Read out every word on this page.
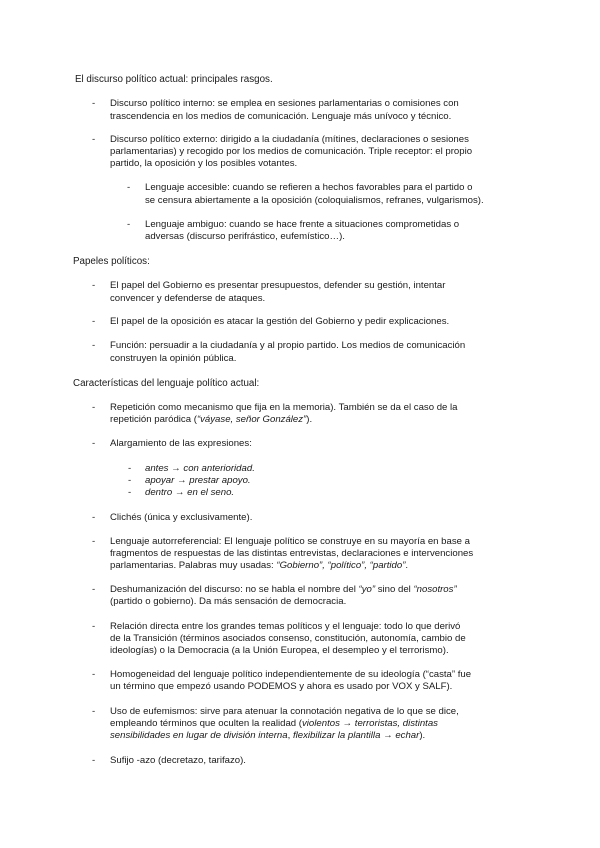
El discurso político actual: principales rasgos.
- Discurso político interno: se emplea en sesiones parlamentarias o comisiones con
trascendencia en los medios de comunicación. Lenguaje más unívoco y técnico.
- Discurso político externo: dirigido a la ciudadanía (mítines, declaraciones o sesiones
parlamentarias) y recogido por los medios de comunicación. Triple receptor: el propio
partido, la oposición y los posibles votantes.
- Lenguaje accesible: cuando se refieren a hechos favorables para el partido o
se censura abiertamente a la oposición (coloquialismos, refranes, vulgarismos).
- Lenguaje ambiguo: cuando se hace frente a situaciones comprometidas o
adversas (discurso perifrástico, eufemístico…).
Papeles políticos:
- El papel del Gobierno es presentar presupuestos, defender su gestión, intentar
convencer y defenderse de ataques.
- El papel de la oposición es atacar la gestión del Gobierno y pedir explicaciones.
- Función: persuadir a la ciudadanía y al propio partido. Los medios de comunicación
construyen la opinión pública.
Características del lenguaje político actual:
- Repetición como mecanismo que fija en la memoria). También se da el caso de la
repetición paródica (“váyase, señor González”).
- Alargamiento de las expresiones:
- antes → con anterioridad.
- apoyar → prestar apoyo.
- dentro → en el seno.
- Clichés (única y exclusivamente).
- Lenguaje autorreferencial: El lenguaje político se construye en su mayoría en base a
fragmentos de respuestas de las distintas entrevistas, declaraciones e intervenciones
parlamentarias. Palabras muy usadas: “Gobierno”, “político”, “partido”.
- Deshumanización del discurso: no se habla el nombre del “yo” sino del “nosotros”
(partido o gobierno). Da más sensación de democracia.
- Relación directa entre los grandes temas políticos y el lenguaje: todo lo que derivó
de la Transición (términos asociados consenso, constitución, autonomía, cambio de
ideologías) o la Democracia (a la Unión Europea, el desempleo y el terrorismo).
- Homogeneidad del lenguaje político independientemente de su ideología (“casta” fue
un término que empezó usando PODEMOS y ahora es usado por VOX y SALF).
- Uso de eufemismos: sirve para atenuar la connotación negativa de lo que se dice,
empleando términos que oculten la realidad (violentos → terroristas, distintas
sensibilidades en lugar de división interna, flexibilizar la plantilla → echar).
- Sufijo -azo (decretazo, tarifazo).
